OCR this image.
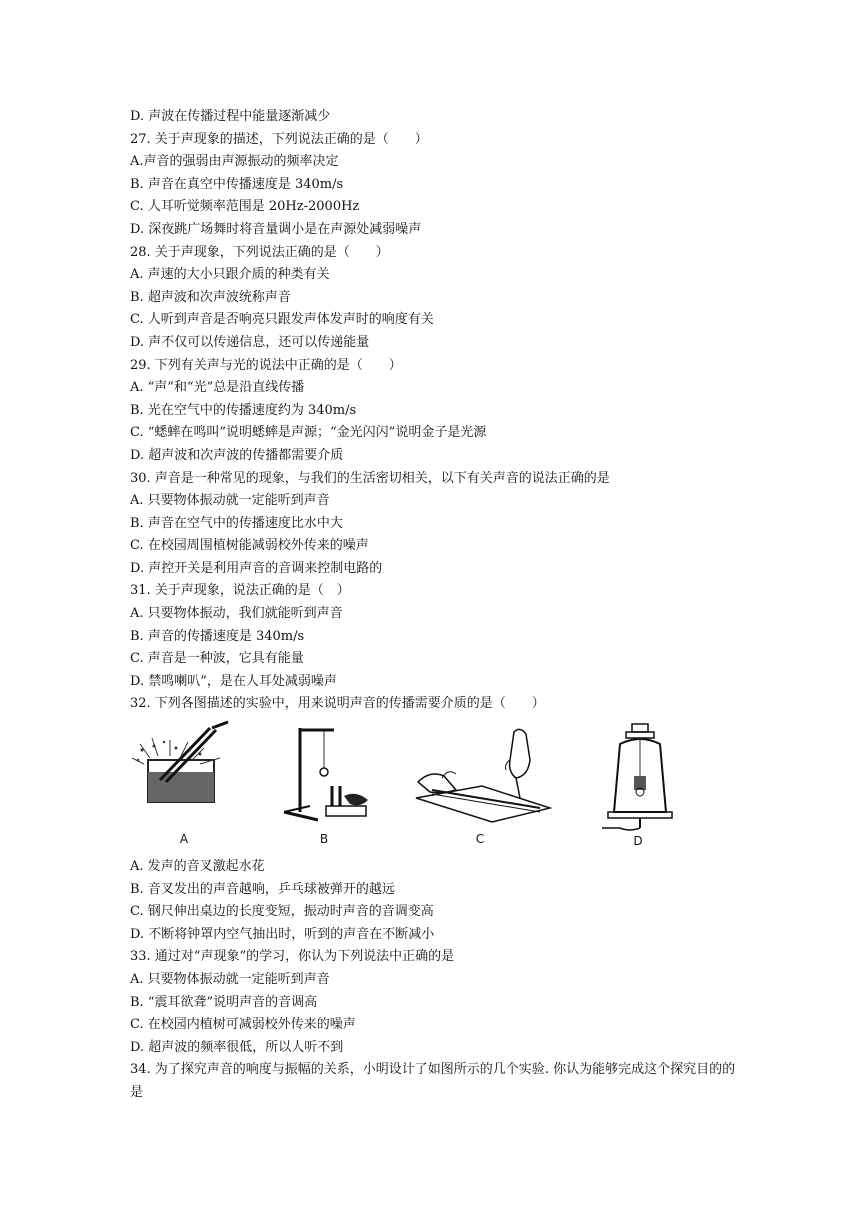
D. 声波在传播过程中能量逐渐减少
27. 关于声现象的描述，下列说法正确的是（　　）
A.声音的强弱由声源振动的频率决定
B. 声音在真空中传播速度是 340m/s
C. 人耳听觉频率范围是 20Hz-2000Hz
D. 深夜跳广场舞时将音量调小是在声源处减弱噪声
28. 关于声现象，下列说法正确的是（　　）
A. 声速的大小只跟介质的种类有关
B. 超声波和次声波统称声音
C. 人听到声音是否响亮只跟发声体发声时的响度有关
D. 声不仅可以传递信息，还可以传递能量
29. 下列有关声与光的说法中正确的是（　　）
A. “声”和“光”总是沿直线传播
B. 光在空气中的传播速度约为 340m/s
C. “蟋蟀在鸣叫”说明蟋蟀是声源；“金光闪闪”说明金子是光源
D. 超声波和次声波的传播都需要介质
30. 声音是一种常见的现象，与我们的生活密切相关，以下有关声音的说法正确的是
A. 只要物体振动就一定能听到声音
B. 声音在空气中的传播速度比水中大
C. 在校园周围植树能减弱校外传来的噪声
D. 声控开关是利用声音的音调来控制电路的
31. 关于声现象，说法正确的是（　）
A. 只要物体振动，我们就能听到声音
B. 声音的传播速度是 340m/s
C. 声音是一种波，它具有能量
D. 禁鸣喇叭”，是在人耳处减弱噪声
32. 下列各图描述的实验中，用来说明声音的传播需要介质的是（　　）
A	B	C	D
A. 发声的音叉激起水花
B. 音叉发出的声音越响，乒乓球被弹开的越远
C. 钢尺伸出桌边的长度变短，振动时声音的音调变高
D. 不断将钟罩内空气抽出时，听到的声音在不断减小
33. 通过对“声现象”的学习，你认为下列说法中正确的是
A. 只要物体振动就一定能听到声音
B. “震耳欲聋”说明声音的音调高
C. 在校园内植树可减弱校外传来的噪声
D. 超声波的频率很低，所以人听不到
34. 为了探究声音的响度与振幅的关系，小明设计了如图所示的几个实验. 你认为能够完成这个探究目的的是
